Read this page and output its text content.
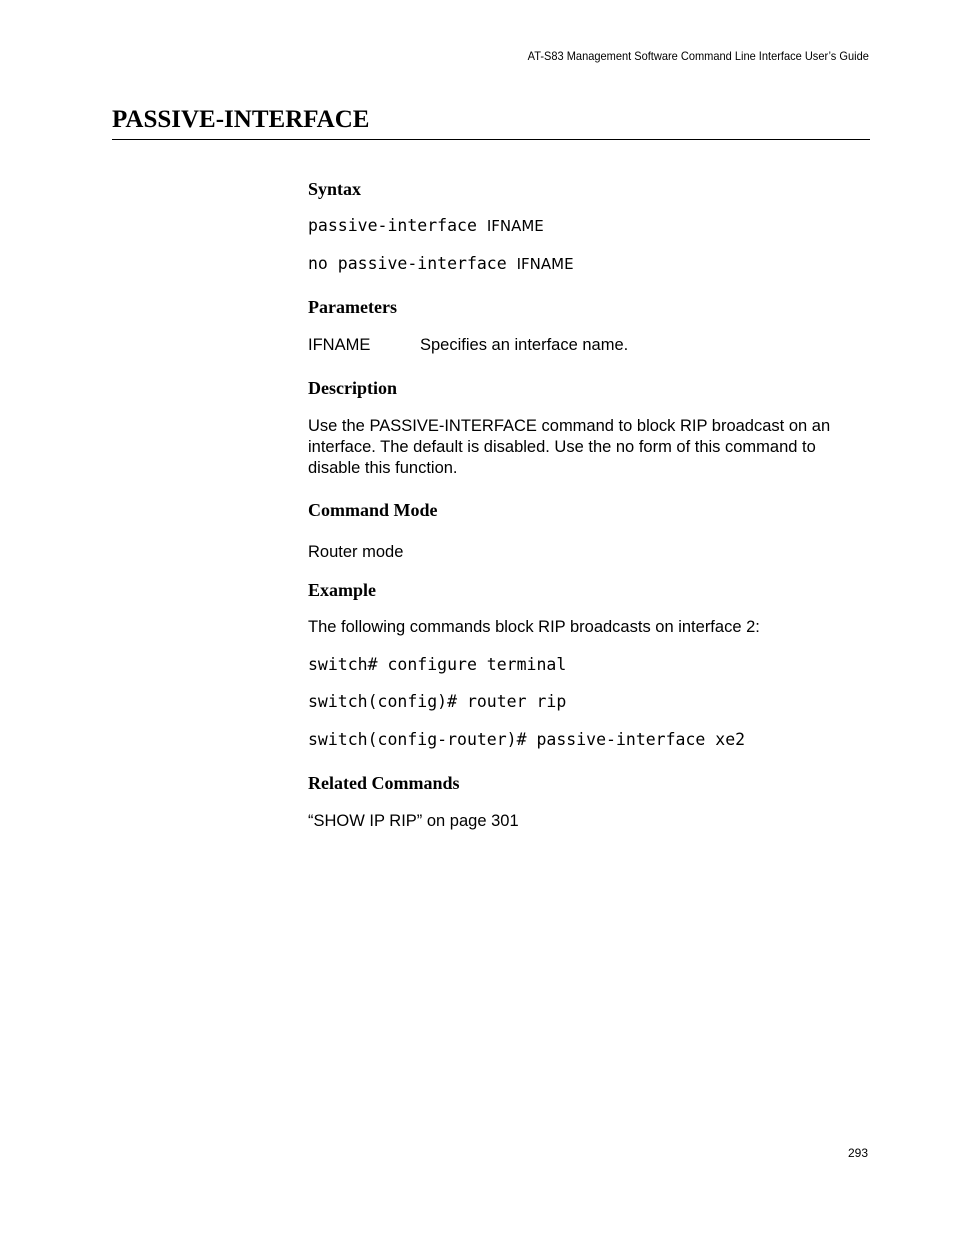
AT-S83 Management Software Command Line Interface User’s Guide
PASSIVE-INTERFACE
Syntax
passive-interface IFNAME
no passive-interface IFNAME
Parameters
IFNAME	Specifies an interface name.
Description
Use the PASSIVE-INTERFACE command to block RIP broadcast on an interface. The default is disabled. Use the no form of this command to disable this function.
Command Mode
Router mode
Example
The following commands block RIP broadcasts on interface 2:
switch# configure terminal
switch(config)# router rip
switch(config-router)# passive-interface xe2
Related Commands
“SHOW IP RIP” on page 301
293
